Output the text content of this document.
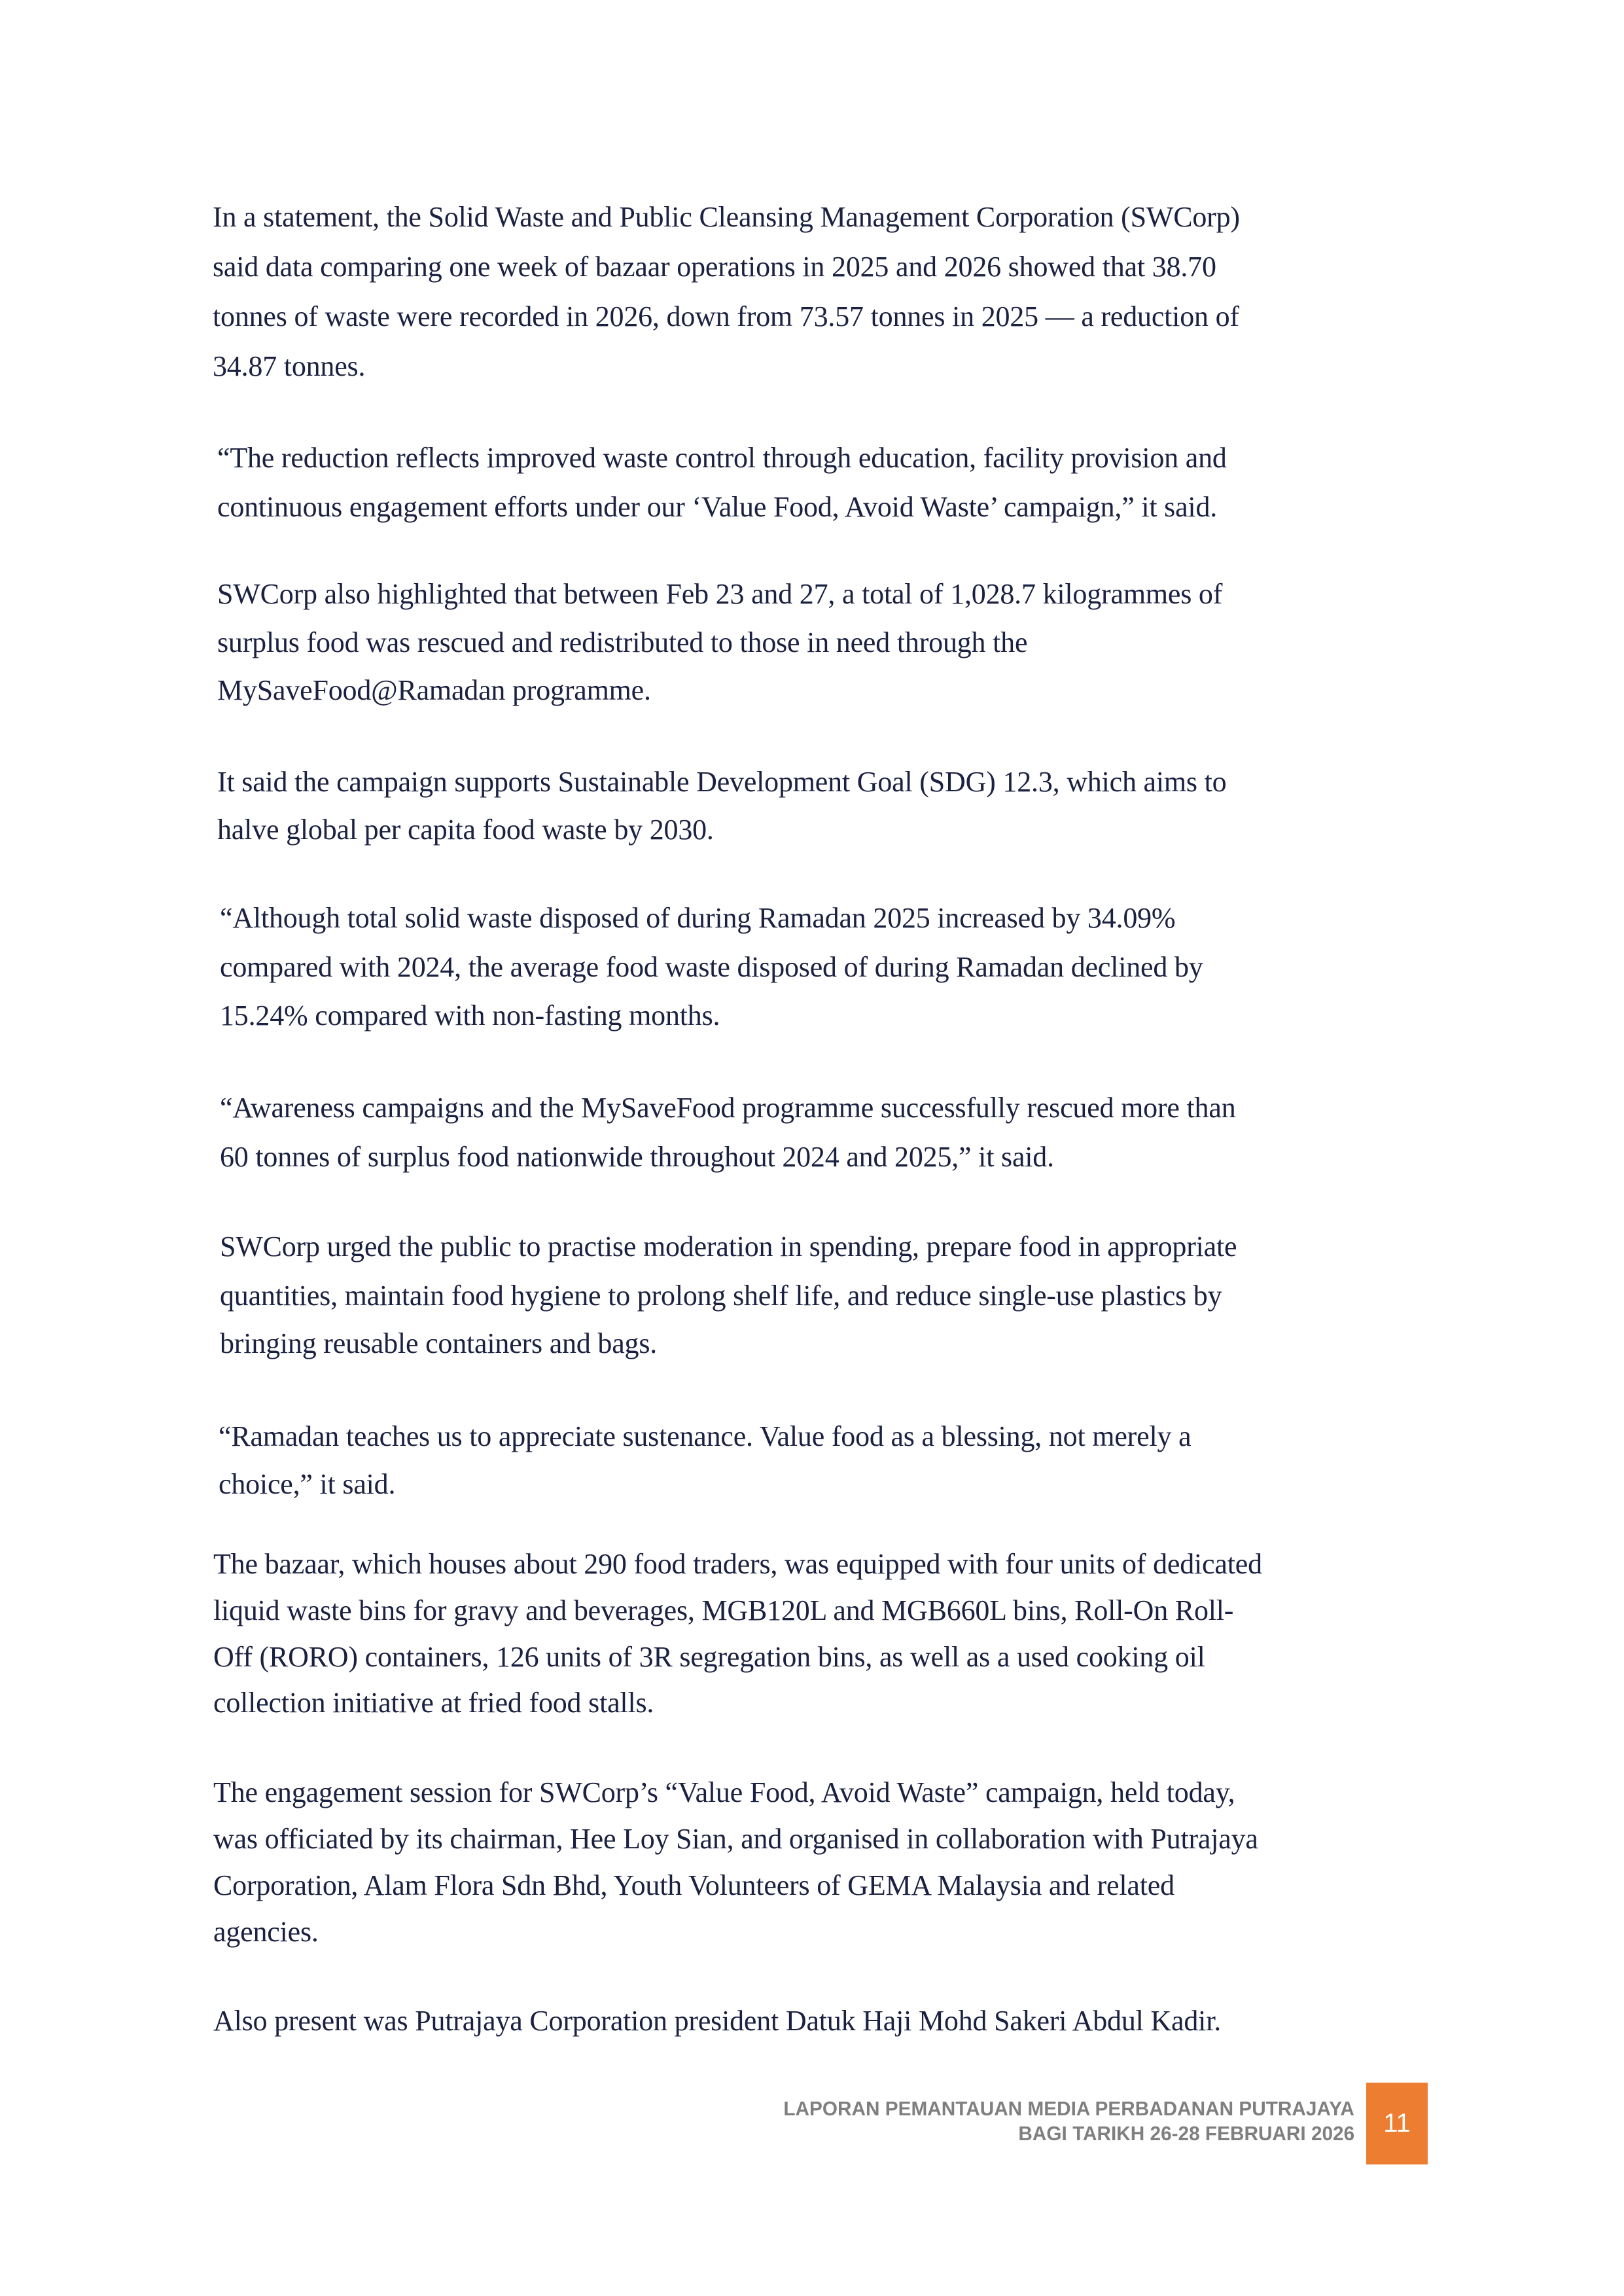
In a statement, the Solid Waste and Public Cleansing Management Corporation (SWCorp)
said data comparing one week of bazaar operations in 2025 and 2026 showed that 38.70
tonnes of waste were recorded in 2026, down from 73.57 tonnes in 2025 — a reduction of
34.87 tonnes.
“The reduction reflects improved waste control through education, facility provision and
continuous engagement efforts under our ‘Value Food, Avoid Waste’ campaign,” it said.
SWCorp also highlighted that between Feb 23 and 27, a total of 1,028.7 kilogrammes of
surplus food was rescued and redistributed to those in need through the
MySaveFood@Ramadan programme.
It said the campaign supports Sustainable Development Goal (SDG) 12.3, which aims to
halve global per capita food waste by 2030.
“Although total solid waste disposed of during Ramadan 2025 increased by 34.09%
compared with 2024, the average food waste disposed of during Ramadan declined by
15.24% compared with non-fasting months.
“Awareness campaigns and the MySaveFood programme successfully rescued more than
60 tonnes of surplus food nationwide throughout 2024 and 2025,” it said.
SWCorp urged the public to practise moderation in spending, prepare food in appropriate
quantities, maintain food hygiene to prolong shelf life, and reduce single-use plastics by
bringing reusable containers and bags.
“Ramadan teaches us to appreciate sustenance. Value food as a blessing, not merely a
choice,” it said.
The bazaar, which houses about 290 food traders, was equipped with four units of dedicated
liquid waste bins for gravy and beverages, MGB120L and MGB660L bins, Roll-On Roll-
Off (RORO) containers, 126 units of 3R segregation bins, as well as a used cooking oil
collection initiative at fried food stalls.
The engagement session for SWCorp’s “Value Food, Avoid Waste” campaign, held today,
was officiated by its chairman, Hee Loy Sian, and organised in collaboration with Putrajaya
Corporation, Alam Flora Sdn Bhd, Youth Volunteers of GEMA Malaysia and related
agencies.
Also present was Putrajaya Corporation president Datuk Haji Mohd Sakeri Abdul Kadir.
LAPORAN PEMANTAUAN MEDIA PERBADANAN PUTRAJAYA
BAGI TARIKH 26-28 FEBRUARI 2026 11
